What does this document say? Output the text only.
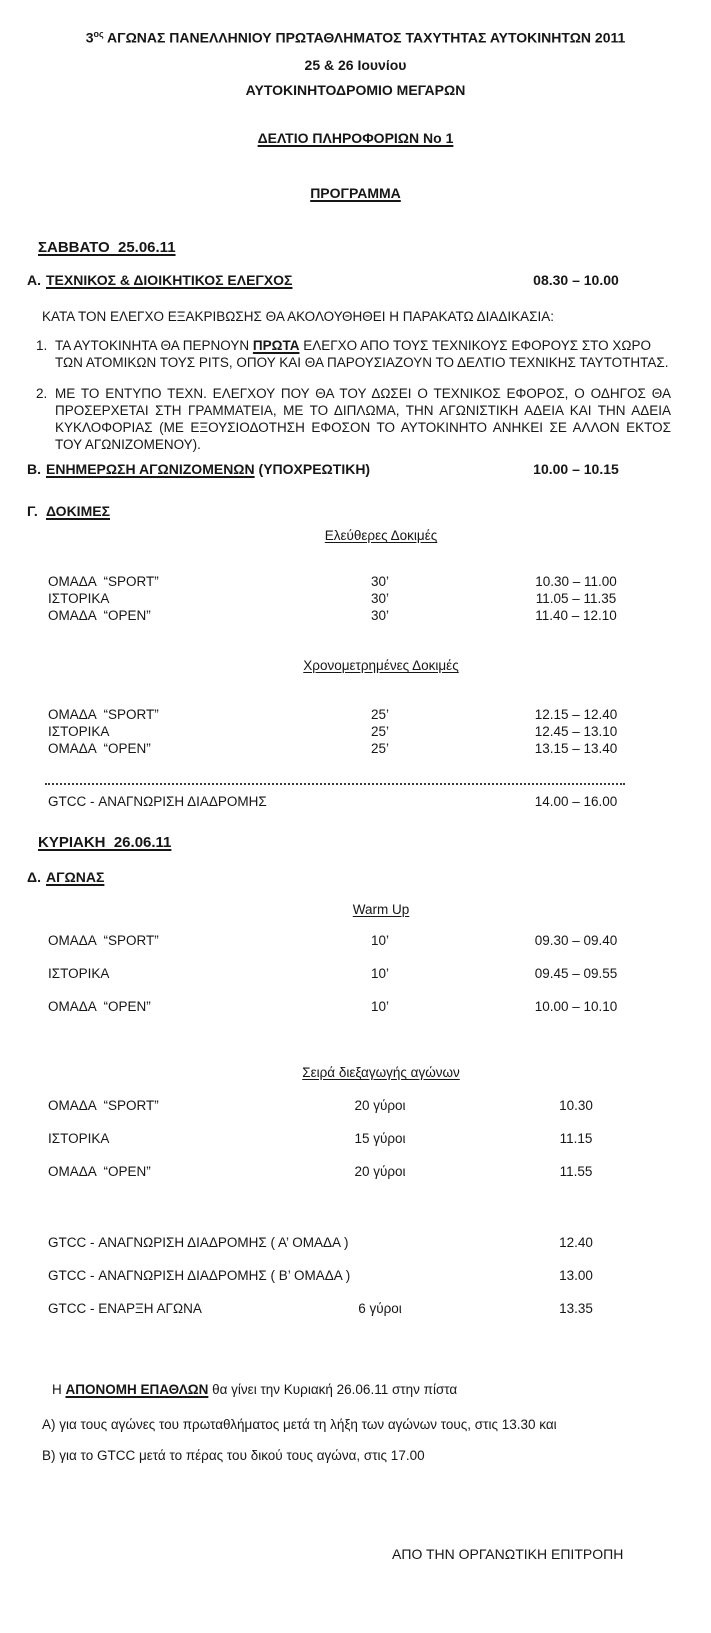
$3^{o\varsigma}$ ΑΓΩΝΑΣ ΠΑΝΕΛΛΗΝΙΟΥ ΠΡΩΤΑΘΛΗΜΑΤΟΣ ΤΑΧΥΤΗΤΑΣ ΑΥΤΟΚΙΝΗΤΩΝ 2011
25 & 26 Ιουνίου
ΑΥΤΟΚΙΝΗΤΟΔΡΟΜΙΟ ΜΕΓΑΡΩΝ
ΔΕΛΤΙΟ ΠΛΗΡΟΦΟΡΙΩΝ Νο 1
ΠΡΟΓΡΑΜΜΑ
ΣΑΒΒΑΤΟ  25.06.11
Α. ΤΕΧΝΙΚΟΣ & ΔΙΟΙΚΗΤΙΚΟΣ ΕΛΕΓΧΟΣ	08.30 – 10.00
ΚΑΤΑ ΤΟΝ ΕΛΕΓΧΟ ΕΞΑΚΡΙΒΩΣΗΣ ΘΑ ΑΚΟΛΟΥΘΗΘΕΙ Η ΠΑΡΑΚΑΤΩ ΔΙΑΔΙΚΑΣΙΑ:
1. ΤΑ ΑΥΤΟΚΙΝΗΤΑ ΘΑ ΠΕΡΝΟΥΝ ΠΡΩΤΑ ΕΛΕΓΧΟ ΑΠΟ ΤΟΥΣ ΤΕΧΝΙΚΟΥΣ ΕΦΟΡΟΥΣ ΣΤΟ ΧΩΡΟ ΤΩΝ ΑΤΟΜΙΚΩΝ ΤΟΥΣ PITS, ΟΠΟΥ ΚΑΙ ΘΑ ΠΑΡΟΥΣΙΑΖΟΥΝ ΤΟ ΔΕΛΤΙΟ ΤΕΧΝΙΚΗΣ ΤΑΥΤΟΤΗΤΑΣ.
2. ΜΕ ΤΟ ΕΝΤΥΠΟ ΤΕΧΝ. ΕΛΕΓΧΟΥ ΠΟΥ ΘΑ ΤΟΥ ΔΩΣΕΙ Ο ΤΕΧΝΙΚΟΣ ΕΦΟΡΟΣ, Ο ΟΔΗΓΟΣ ΘΑ ΠΡΟΣΕΡΧΕΤΑΙ ΣΤΗ ΓΡΑΜΜΑΤΕΙΑ, ΜΕ ΤΟ ΔΙΠΛΩΜΑ, ΤΗΝ ΑΓΩΝΙΣΤΙΚΗ ΑΔΕΙΑ ΚΑΙ ΤΗΝ ΑΔΕΙΑ ΚΥΚΛΟΦΟΡΙΑΣ (ΜΕ ΕΞΟΥΣΙΟΔΟΤΗΣΗ ΕΦΟΣΟΝ ΤΟ ΑΥΤΟΚΙΝΗΤΟ ΑΝΗΚΕΙ ΣΕ ΑΛΛΟΝ ΕΚΤΟΣ ΤΟΥ ΑΓΩΝΙΖΟΜΕΝΟΥ).
Β. ΕΝΗΜΕΡΩΣΗ ΑΓΩΝΙΖΟΜΕΝΩΝ (ΥΠΟΧΡΕΩΤΙΚΗ)	10.00 – 10.15
Γ. ΔΟΚΙΜΕΣ
Ελεύθερες Δοκιμές
ΟΜΑΔΑ  “SPORT”	30’	10.30 – 11.00
ΙΣΤΟΡΙΚΑ	30’	11.05 – 11.35
ΟΜΑΔΑ  “OPEN”	30’	11.40 – 12.10
Χρονομετρημένες Δοκιμές
ΟΜΑΔΑ  “SPORT”	25’	12.15 – 12.40
ΙΣΤΟΡΙΚΑ	25’	12.45 – 13.10
ΟΜΑΔΑ  “OPEN”	25’	13.15 – 13.40
GTCC - ΑΝΑΓΝΩΡΙΣΗ ΔΙΑΔΡΟΜΗΣ	14.00 – 16.00
ΚΥΡΙΑΚΗ  26.06.11
Δ. ΑΓΩΝΑΣ
Warm Up
ΟΜΑΔΑ  “SPORT”	10’	09.30 – 09.40
ΙΣΤΟΡΙΚΑ	10’	09.45 – 09.55
ΟΜΑΔΑ  “OPEN”	10’	10.00 – 10.10
Σειρά διεξαγωγής αγώνων
ΟΜΑΔΑ  “SPORT”	20 γύροι	10.30
ΙΣΤΟΡΙΚΑ	15 γύροι	11.15
ΟΜΑΔΑ  “OPEN”	20 γύροι	11.55
GTCC - ΑΝΑΓΝΩΡΙΣΗ ΔΙΑΔΡΟΜΗΣ ( Α’ ΟΜΑΔΑ )	12.40
GTCC - ΑΝΑΓΝΩΡΙΣΗ ΔΙΑΔΡΟΜΗΣ ( Β’ ΟΜΑΔΑ )	13.00
GTCC - ΕΝΑΡΞΗ ΑΓΩΝΑ	6 γύροι	13.35
Η ΑΠΟΝΟΜΗ ΕΠΑΘΛΩΝ θα γίνει την Κυριακή 26.06.11 στην πίστα
Α) για τους αγώνες του πρωταθλήματος μετά τη λήξη των αγώνων τους, στις 13.30 και
Β) για το GTCC μετά το πέρας του δικού τους αγώνα, στις 17.00
ΑΠΟ ΤΗΝ ΟΡΓΑΝΩΤΙΚΗ ΕΠΙΤΡΟΠΗ
